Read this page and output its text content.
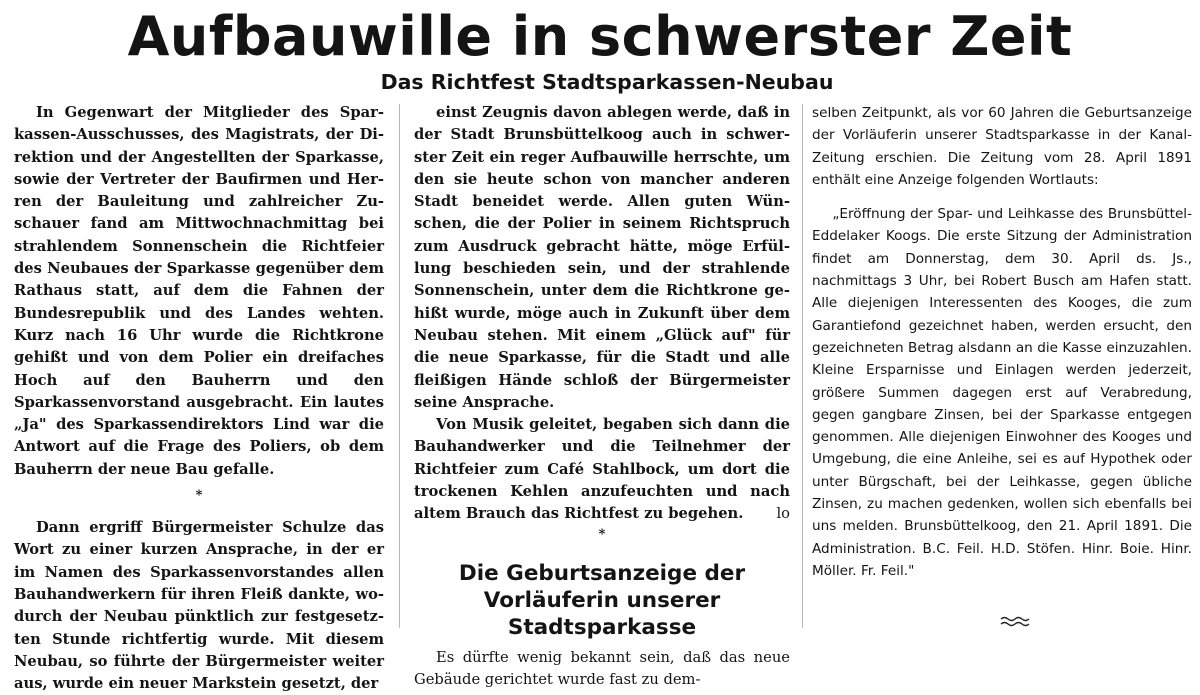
Aufbauwille in schwerster Zeit
Das Richtfest Stadtsparkassen-Neubau

In Gegenwart der Mitglieder des Sparkassen-Ausschusses, des Magistrats, der Direktion und der Angestellten der Sparkasse, sowie der Vertreter der Baufirmen und Herren der Bauleitung und zahlreicher Zuschauer fand am Mittwochnachmittag bei strahlendem Sonnenschein die Richtfeier des Neubaues der Sparkasse gegenüber dem Rathaus statt, auf dem die Fahnen der Bundesrepublik und des Landes wehten. Kurz nach 16 Uhr wurde die Richtkrone gehißt und von dem Polier ein dreifaches Hoch auf den Bauherrn und den Sparkassenvorstand ausgebracht. Ein lautes „Ja" des Sparkassendirektors Lind war die Antwort auf die Frage des Poliers, ob dem Bauherrn der neue Bau gefalle.

*

Dann ergriff Bürgermeister Schulze das Wort zu einer kurzen Ansprache, in der er im Namen des Sparkassenvorstandes allen Bauhandwerkern für ihren Fleiß dankte, wodurch der Neubau pünktlich zur festgesetzten Stunde richtfertig wurde. Mit diesem Neubau, so führte der Bürgermeister weiter aus, wurde ein neuer Markstein gesetzt, der

einst Zeugnis davon ablegen werde, daß in der Stadt Brunsbüttelkoog auch in schwerster Zeit ein reger Aufbauwille herrschte, um den sie heute schon von mancher anderen Stadt beneidet werde. Allen guten Wünschen, die der Polier in seinem Richtspruch zum Ausdruck gebracht hätte, möge Erfüllung beschieden sein, und der strahlende Sonnenschein, unter dem die Richtkrone gehißt wurde, möge auch in Zukunft über dem Neubau stehen. Mit einem „Glück auf" für die neue Sparkasse, für die Stadt und alle fleißigen Hände schloß der Bürgermeister seine Ansprache.

Von Musik geleitet, begaben sich dann die Bauhandwerker und die Teilnehmer der Richtfeier zum Café Stahlbock, um dort die trockenen Kehlen anzufeuchten und nach altem Brauch das Richtfest zu begehen.	lo

*
Die Geburtsanzeige der Vorläuferin unserer Stadtsparkasse

Es dürfte wenig bekannt sein, daß das neue Gebäude gerichtet wurde fast zu dem-

selben Zeitpunkt, als vor 60 Jahren die Geburtsanzeige der Vorläuferin unserer Stadtsparkasse in der Kanal-Zeitung erschien. Die Zeitung vom 28. April 1891 enthält eine Anzeige folgenden Wortlauts:

„Eröffnung der Spar- und Leihkasse des Brunsbüttel-Eddelaker Koogs. Die erste Sitzung der Administration findet am Donnerstag, dem 30. April ds. Js., nachmittags 3 Uhr, bei Robert Busch am Hafen statt. Alle diejenigen Interessenten des Kooges, die zum Garantiefond gezeichnet haben, werden ersucht, den gezeichneten Betrag alsdann an die Kasse einzuzahlen. Kleine Ersparnisse und Einlagen werden jederzeit, größere Summen dagegen erst auf Verabredung, gegen gangbare Zinsen, bei der Sparkasse entgegen genommen. Alle diejenigen Einwohner des Kooges und Umgebung, die eine Anleihe, sei es auf Hypothek oder unter Bürgschaft, bei der Leihkasse, gegen übliche Zinsen, zu machen gedenken, wollen sich ebenfalls bei uns melden. Brunsbüttelkoog, den 21. April 1891. Die Administration. B.C. Feil. H.D. Stöfen. Hinr. Boie. Hinr. Möller. Fr. Feil."
